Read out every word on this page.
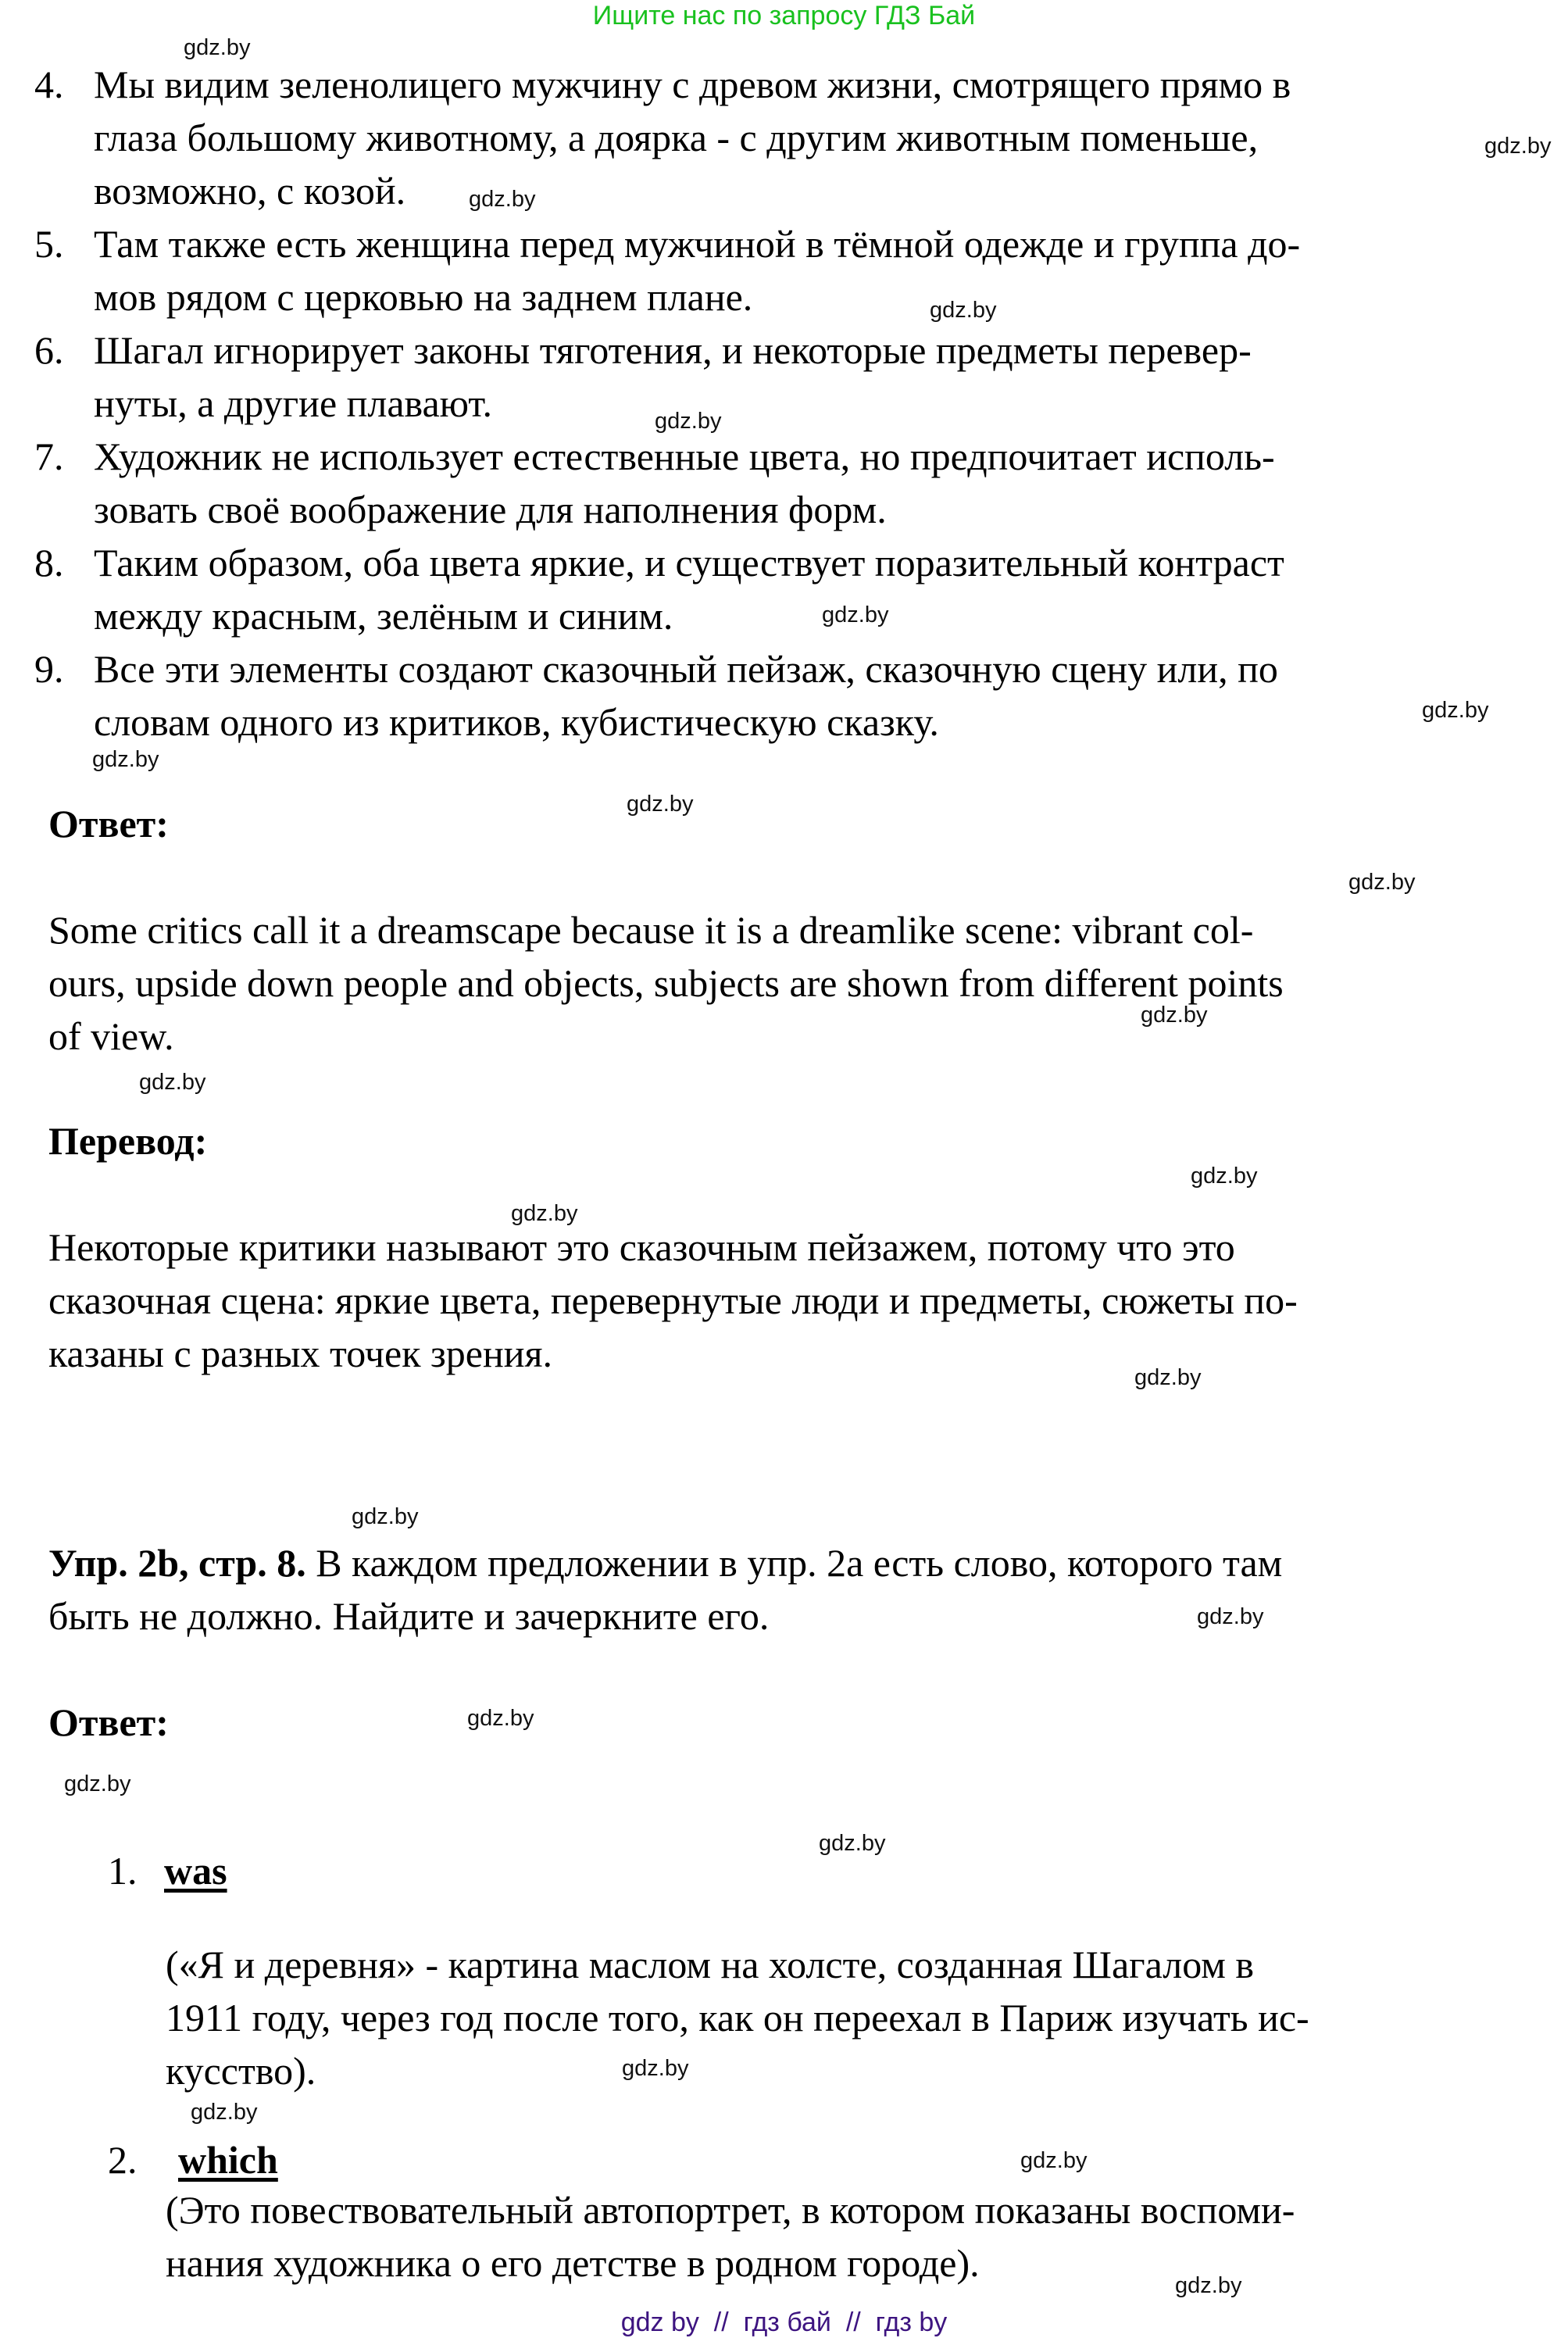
Ищите нас по запросу ГДЗ Бай
gdz.by
4. Мы видим зеленолицего мужчину с древом жизни, смотрящего прямо в
глаза большому животному, а доярка - с другим животным поменьше,	gdz.by
возможно, с козой.	gdz.by
5. Там также есть женщина перед мужчиной в тёмной одежде и группа до-
мов рядом с церковью на заднем плане.	gdz.by
6. Шагал игнорирует законы тяготения, и некоторые предметы перевер-
нуты, а другие плавают.	gdz.by
7. Художник не использует естественные цвета, но предпочитает исполь-
зовать своё воображение для наполнения форм.
8. Таким образом, оба цвета яркие, и существует поразительный контраст
между красным, зелёным и синим.	gdz.by
9. Все эти элементы создают сказочный пейзаж, сказочную сцену или, по
gdz.by
словам одного из критиков, кубистическую сказку.
gdz.by
gdz.by
Ответ:
gdz.by
Some critics call it a dreamscape because it is a dreamlike scene: vibrant col-
ours, upside down people and objects, subjects are shown from different points
gdz.by
of view.
gdz.by
Перевод:
gdz.by
gdz.by
Некоторые критики называют это сказочным пейзажем, потому что это
сказочная сцена: яркие цвета, перевернутые люди и предметы, сюжеты по-
казаны с разных точек зрения.
gdz.by
gdz.by
Упр. 2b, стр. 8. В каждом предложении в упр. 2а есть слово, которого там
быть не должно. Найдите и зачеркните его.	gdz.by
Ответ:	gdz.by
gdz.by
gdz.by
1. was
(«Я и деревня» - картина маслом на холсте, созданная Шагалом в
1911 году, через год после того, как он переехал в Париж изучать ис-
кусство).	gdz.by
gdz.by
2. which	gdz.by
(Это повествовательный автопортрет, в котором показаны воспоми-
нания художника о его детстве в родном городе).
gdz.by
gdz by  //  гдз бай  //  гдз by
